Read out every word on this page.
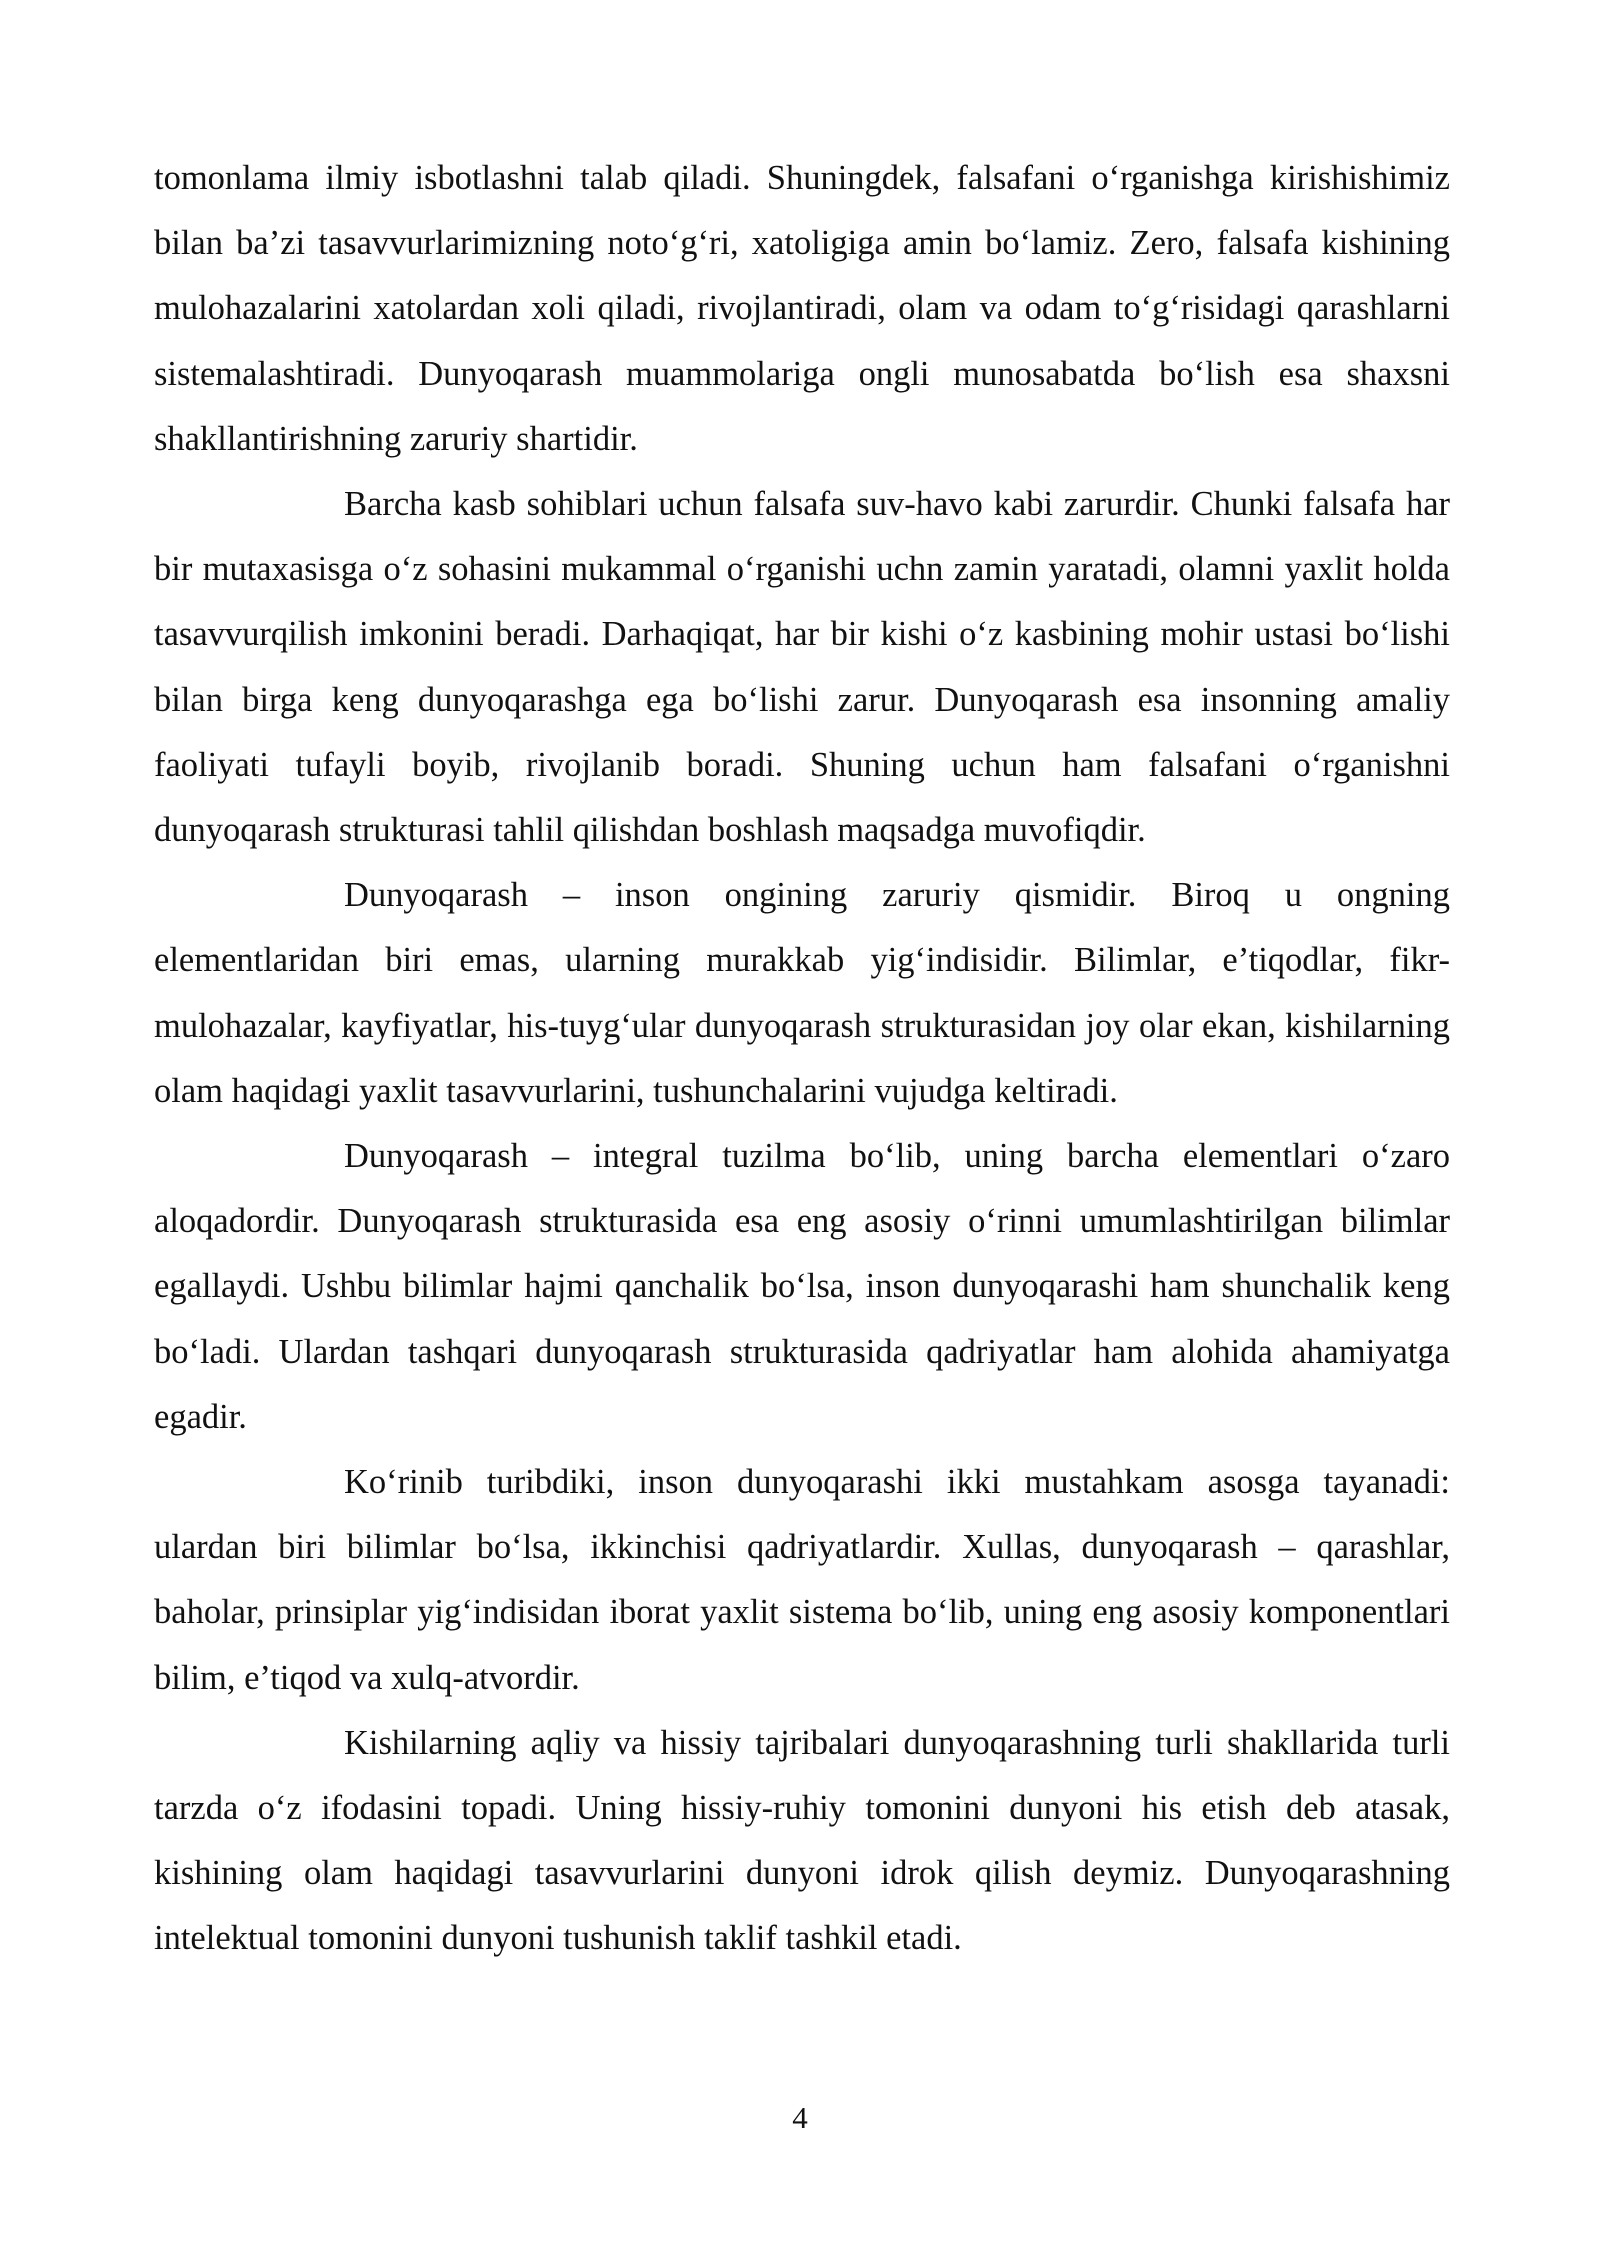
tomonlama ilmiy isbotlashni talab qiladi. Shuningdek, falsafani o‘rganishga kirishishimiz bilan ba’zi tasavvurlarimizning noto‘g‘ri, xatoligiga amin bo‘lamiz. Zero, falsafa kishining mulohazalarini xatolardan xoli qiladi, rivojlantiradi, olam va odam to‘g‘risidagi qarashlarni sistemalashtiradi. Dunyoqarash muammolariga ongli munosabatda bo‘lish esa shaxsni shakllantirishning zaruriy shartidir.

Barcha kasb sohiblari uchun falsafa suv-havo kabi zarurdir. Chunki falsafa har bir mutaxasisga o‘z sohasini mukammal o‘rganishi uchn zamin yaratadi, olamni yaxlit holda tasavvurqilish imkonini beradi. Darhaqiqat, har bir kishi o‘z kasbining mohir ustasi bo‘lishi bilan birga keng dunyoqarashga ega bo‘lishi zarur. Dunyoqarash esa insonning amaliy faoliyati tufayli boyib, rivojlanib boradi. Shuning uchun ham falsafani o‘rganishni dunyoqarash strukturasi tahlil qilishdan boshlash maqsadga muvofiqdir.

Dunyoqarash – inson ongining zaruriy qismidir. Biroq u ongning elementlaridan biri emas, ularning murakkab yig‘indisidir. Bilimlar, e’tiqodlar, fikr-mulohazalar, kayfiyatlar, his-tuyg‘ular dunyoqarash strukturasidan joy olar ekan, kishilarning olam haqidagi yaxlit tasavvurlarini, tushunchalarini vujudga keltiradi.

Dunyoqarash – integral tuzilma bo‘lib, uning barcha elementlari o‘zaro aloqadordir. Dunyoqarash strukturasida esa eng asosiy o‘rinni umumlashtirilgan bilimlar egallaydi. Ushbu bilimlar hajmi qanchalik bo‘lsa, inson dunyoqarashi ham shunchalik keng bo‘ladi. Ulardan tashqari dunyoqarash strukturasida qadriyatlar ham alohida ahamiyatga egadir.

Ko‘rinib turibdiki, inson dunyoqarashi ikki mustahkam asosga tayanadi: ulardan biri bilimlar bo‘lsa, ikkinchisi qadriyatlardir. Xullas, dunyoqarash – qarashlar, baholar, prinsiplar yig‘indisidan iborat yaxlit sistema bo‘lib, uning eng asosiy komponentlari bilim, e’tiqod va xulq-atvordir.

Kishilarning aqliy va hissiy tajribalari dunyoqarashning turli shakllarida turli tarzda o‘z ifodasini topadi. Uning hissiy-ruhiy tomonini dunyoni his etish deb atasak, kishining olam haqidagi tasavvurlarini dunyoni idrok qilish deymiz. Dunyoqarashning intelektual tomonini dunyoni tushunish taklif tashkil etadi.

4
